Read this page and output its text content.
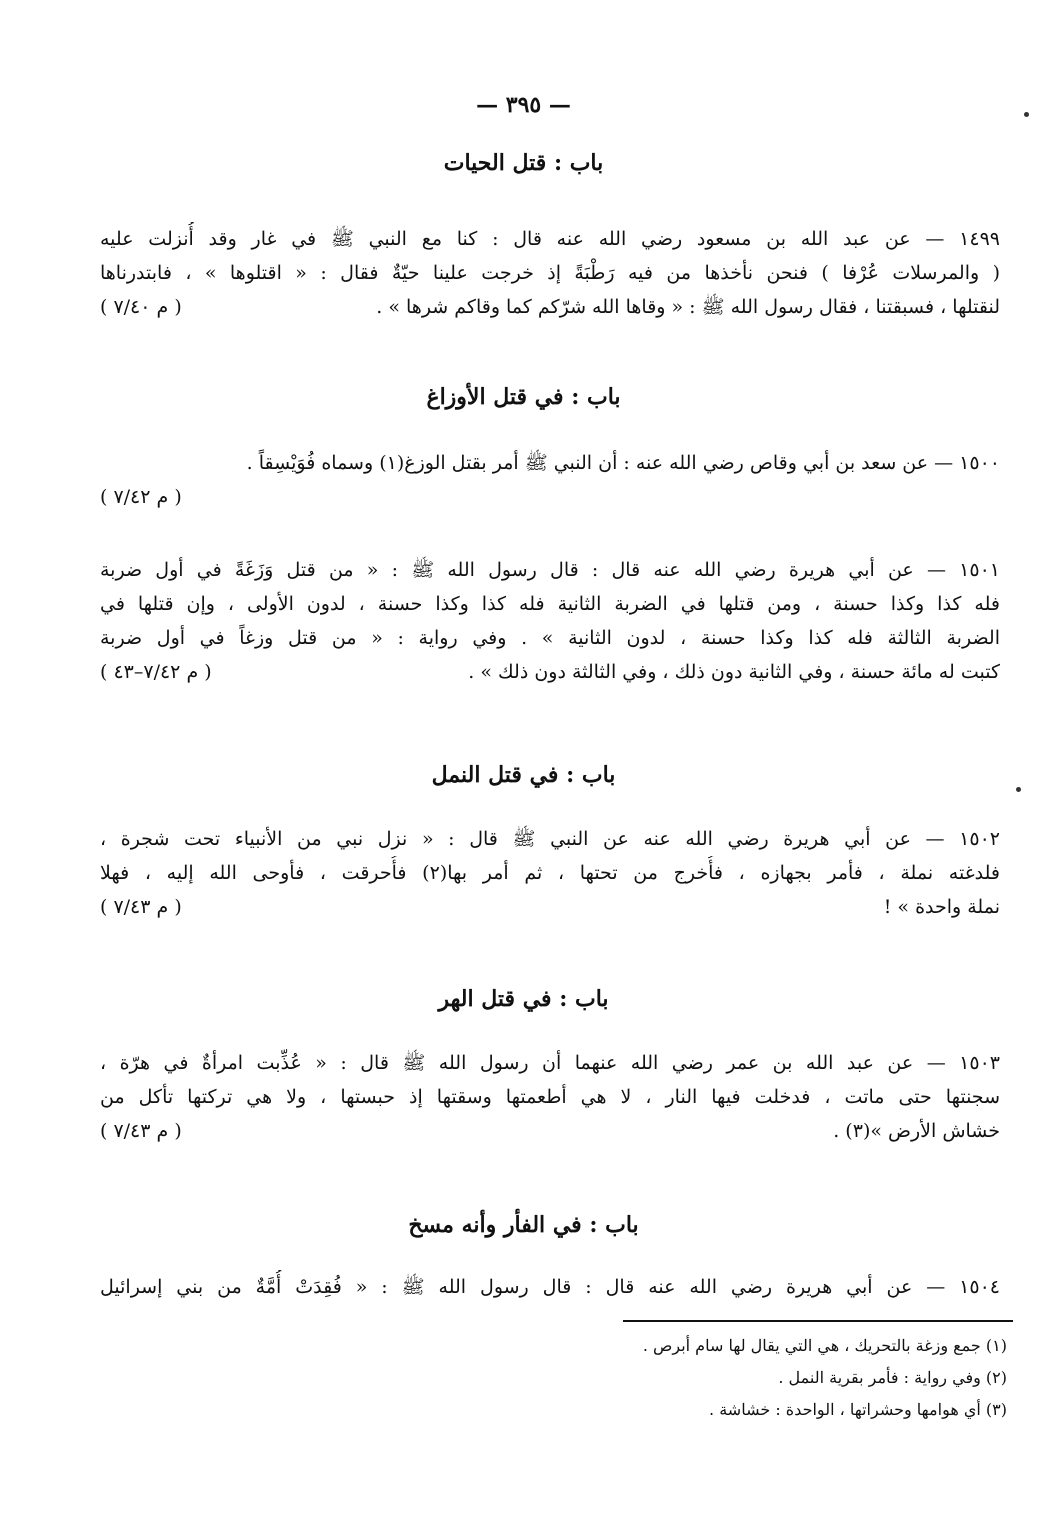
— ٣٩٥ —
باب : قتل الحيات
١٤٩٩ — عن عبد الله بن مسعود رضي الله عنه قال : كنا مع النبي ﷺ في غار وقد أُنزلت عليه
( والمرسلات عُرْفا ) فنحن نأخذها من فيه رَطْبَةً إذ خرجت علينا حيّةٌ فقال : « اقتلوها » ، فابتدرناها
( م ٧/٤٠ )	لنقتلها ، فسبقتنا ، فقال رسول الله ﷺ : « وقاها الله شرّكم كما وقاكم شرها » .
باب : في قتل الأوزاغ
١٥٠٠ — عن سعد بن أبي وقاص رضي الله عنه : أن النبي ﷺ أمر بقتل الوزغ(١) وسماه فُوَيْسِقاً .
( م ٧/٤٢ )
١٥٠١ — عن أبي هريرة رضي الله عنه قال : قال رسول الله ﷺ : « من قتل وَزَغَةً في أول ضربة
فله كذا وكذا حسنة ، ومن قتلها في الضربة الثانية فله كذا وكذا حسنة ، لدون الأولى ، وإن قتلها في
الضربة الثالثة فله كذا وكذا حسنة ، لدون الثانية » . وفي رواية : « من قتل وزغاً في أول ضربة
( م ٧/٤٢–٤٣ )	كتبت له مائة حسنة ، وفي الثانية دون ذلك ، وفي الثالثة دون ذلك » .
باب : في قتل النمل
١٥٠٢ — عن أبي هريرة رضي الله عنه عن النبي ﷺ قال : « نزل نبي من الأنبياء تحت شجرة ،
فلدغته نملة ، فأمر بجهازه ، فأُخرج من تحتها ، ثم أمر بها(٢) فأُحرقت ، فأوحى الله إليه ، فهلا
( م ٧/٤٣ )	نملة واحدة » !
باب : في قتل الهر
١٥٠٣ — عن عبد الله بن عمر رضي الله عنهما أن رسول الله ﷺ قال : « عُذِّبت امرأةٌ في هرّة ،
سجنتها حتى ماتت ، فدخلت فيها النار ، لا هي أطعمتها وسقتها إذ حبستها ، ولا هي تركتها تأكل من
( م ٧/٤٣ )	خشاش الأرض »(٣) .
باب : في الفأر وأنه مسخ
١٥٠٤ — عن أبي هريرة رضي الله عنه قال : قال رسول الله ﷺ : « فُقِدَتْ أُمَّةٌ من بني إسرائيل
(١) جمع وزغة بالتحريك ، هي التي يقال لها سام أبرص .
(٢) وفي رواية : فأمر بقرية النمل .
(٣) أي هوامها وحشراتها ، الواحدة : خشاشة .
